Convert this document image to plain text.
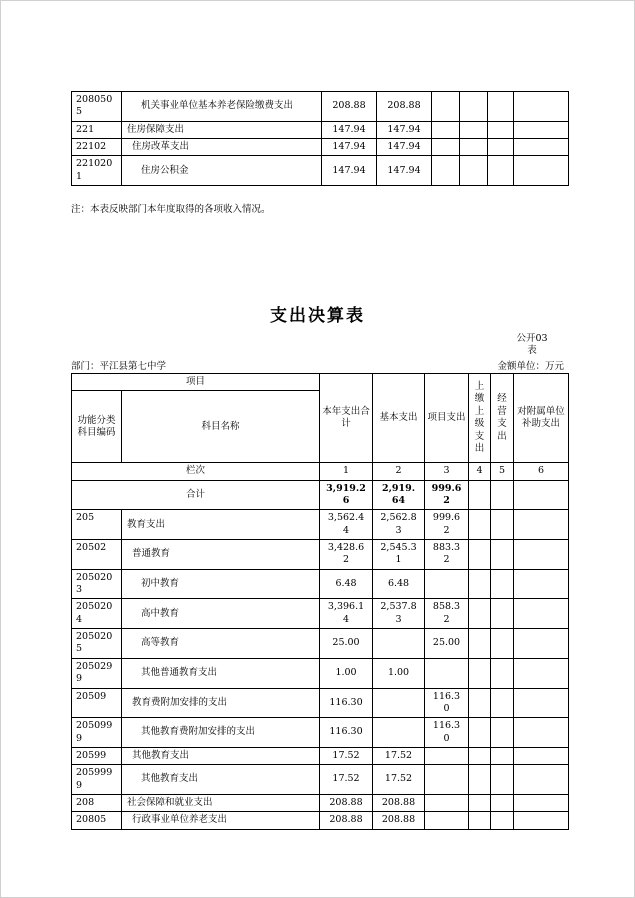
2080505	机关事业单位基本养老保险缴费支出	208.88	208.88				
221	住房保障支出	147.94	147.94				
22102	住房改革支出	147.94	147.94				
2210201	住房公积金	147.94	147.94				

注：本表反映部门本年度取得的各项收入情况。

支出决算表
公开03表
部门：平江县第七中学	金额单位：万元
项目		本年支出合计	基本支出	项目支出	上缴上级支出	经营支出	对附属单位补助支出
功能分类科目编码	科目名称						
栏次		1	2	3	4	5	6
合计		3,919.26	2,919.64	999.62			
205	教育支出	3,562.44	2,562.83	999.62			
20502	普通教育	3,428.62	2,545.31	883.32			
2050203	初中教育	6.48	6.48				
2050204	高中教育	3,396.14	2,537.83	858.32			
2050205	高等教育	25.00		25.00			
2050299	其他普通教育支出	1.00	1.00				
20509	教育费附加安排的支出	116.30		116.30			
2050999	其他教育费附加安排的支出	116.30		116.30			
20599	其他教育支出	17.52	17.52				
2059999	其他教育支出	17.52	17.52				
208	社会保障和就业支出	208.88	208.88				
20805	行政事业单位养老支出	208.88	208.88				
